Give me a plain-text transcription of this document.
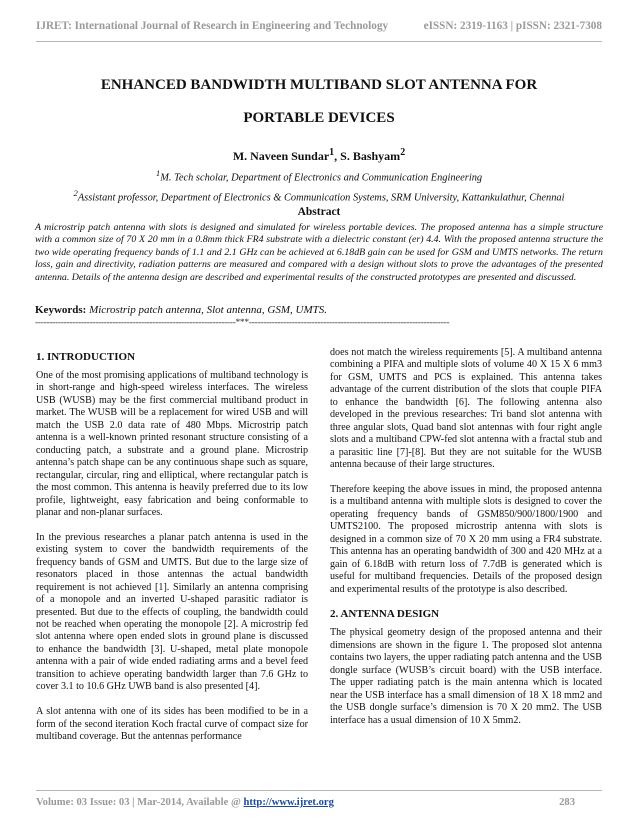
IJRET: International Journal of Research in Engineering and Technology	eISSN: 2319-1163 | pISSN: 2321-7308
ENHANCED BANDWIDTH MULTIBAND SLOT ANTENNA FOR
PORTABLE DEVICES
M. Naveen Sundar$^1$, S. Bashyam$^2$
$^1$M. Tech scholar, Department of Electronics and Communication Engineering
$^2$Assistant professor, Department of Electronics & Communication Systems, SRM University, Kattankulathur, Chennai
Abstract
A microstrip patch antenna with slots is designed and simulated for wireless portable devices. The proposed antenna has a simple structure with a common size of 70 X 20 mm in a 0.8mm thick FR4 substrate with a dielectric constant (er) 4.4. With the proposed antenna structure the two wide operating frequency bands of 1.1 and 2.1 GHz can be achieved at 6.18dB gain can be used for GSM and UMTS networks. The return loss, gain and directivity, radiation patterns are measured and compared with a design without slots to prove the advantages of the presented antenna. Details of the antenna design are described and experimental results of the constructed prototypes are presented and discussed.
Keywords: Microstrip patch antenna, Slot antenna, GSM, UMTS.
----------------------------------------------------------------------***----------------------------------------------------------------------
1. INTRODUCTION

One of the most promising applications of multiband technology is in short-range and high-speed wireless interfaces. The wireless USB (WUSB) may be the first commercial multiband product in market. The WUSB will be a replacement for wired USB and will match the USB 2.0 data rate of 480 Mbps. Microstrip patch antenna is a well-known printed resonant structure consisting of a conducting patch, a substrate and a ground plane. Microstrip antenna’s patch shape can be any continuous shape such as square, rectangular, circular, ring and elliptical, where rectangular patch is the most common. This antenna is heavily preferred due to its low profile, lightweight, easy fabrication and being conformable to planar and non-planar surfaces.

In the previous researches a planar patch antenna is used in the existing system to cover the bandwidth requirements of the frequency bands of GSM and UMTS. But due to the large size of resonators placed in those antennas the actual bandwidth requirement is not achieved [1]. Similarly an antenna comprising of a monopole and an inverted U-shaped parasitic radiator is presented. But due to the effects of coupling, the bandwidth could not be reached when operating the monopole [2]. A microstrip fed slot antenna where open ended slots in ground plane is discussed to enhance the bandwidth [3]. U-shaped, metal plate monopole antenna with a pair of wide ended radiating arms and a bevel feed transition to achieve operating bandwidth larger than 7.6 GHz to cover 3.1 to 10.6 GHz UWB band is also presented [4].

A slot antenna with one of its sides has been modified to be in a form of the second iteration Koch fractal curve of compact size for multiband coverage. But the antennas performance

does not match the wireless requirements [5]. A multiband antenna combining a PIFA and multiple slots of volume 40 X 15 X 6 mm3 for GSM, UMTS and PCS is explained. This antenna takes advantage of the current distribution of the slots that couple PIFA to enhance the bandwidth [6]. The following antenna also developed in the previous researches: Tri band slot antenna with three angular slots, Quad band slot antennas with four right angle slots and a multiband CPW-fed slot antenna with a fractal stub and a parasitic line [7]-[8]. But they are not suitable for the WUSB antenna because of their large structures.

Therefore keeping the above issues in mind, the proposed antenna is a multiband antenna with multiple slots is designed to cover the operating frequency bands of GSM850/900/1800/1900 and UMTS2100. The proposed microstrip antenna with slots is designed in a common size of 70 X 20 mm using a FR4 substrate. This antenna has an operating bandwidth of 300 and 420 MHz at a gain of 6.18dB with return loss of 7.7dB is generated which is useful for multiband frequencies. Details of the proposed design and experimental results of the prototype is also described.

2. ANTENNA DESIGN

The physical geometry design of the proposed antenna and their dimensions are shown in the figure 1. The proposed slot antenna contains two layers, the upper radiating patch antenna and the USB dongle surface (WUSB’s circuit board) with the USB interface. The upper radiating patch is the main antenna which is located near the USB interface has a small dimension of 18 X 18 mm2 and the USB dongle surface’s dimension is 70 X 20 mm2. The USB interface has a usual dimension of 10 X 5mm2.

Volume: 03 Issue: 03 | Mar-2014, Available @ http://www.ijret.org	283
